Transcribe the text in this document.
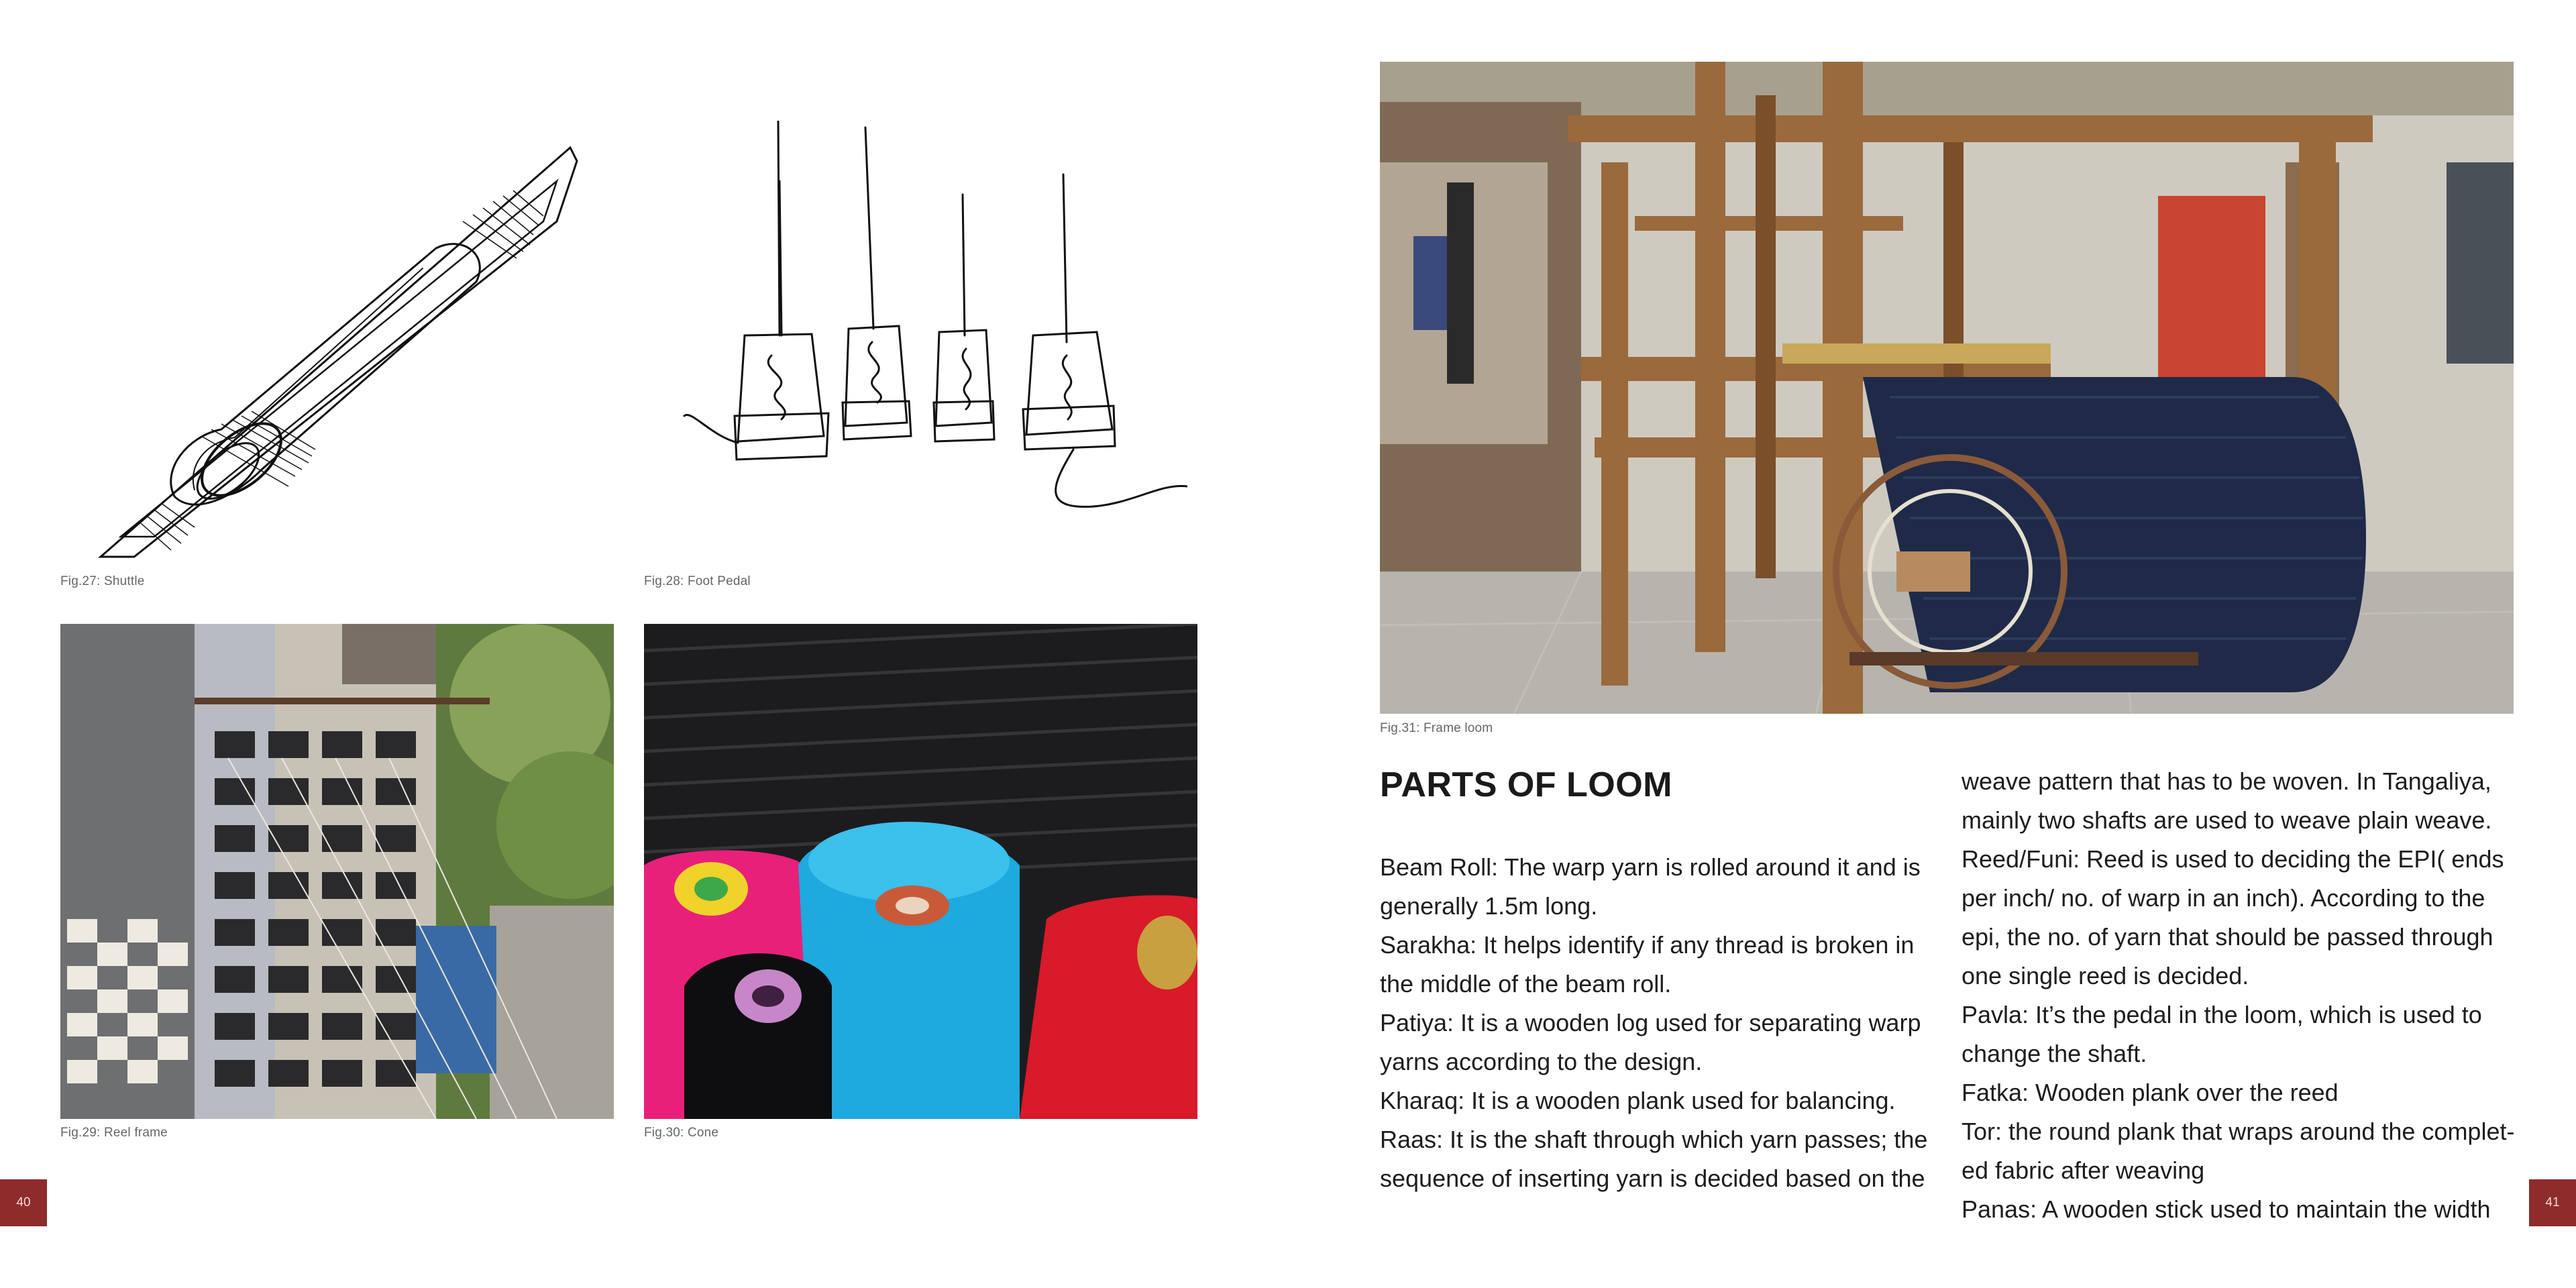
Fig.27: Shuttle	Fig.28: Foot Pedal
Fig.29: Reel frame	Fig.30: Cone
Fig.31: Frame loom
PARTS OF LOOM

Beam Roll: The warp yarn is rolled around it and is generally 1.5m long.

Sarakha: It helps identify if any thread is broken in the middle of the beam roll.

Patiya: It is a wooden log used for separating warp yarns according to the design.

Kharaq: It is a wooden plank used for balancing.

Raas: It is the shaft through which yarn passes; the sequence of inserting yarn is decided based on the

weave pattern that has to be woven. In Tangaliya, mainly two shafts are used to weave plain weave.

Reed/Funi: Reed is used to deciding the EPI( ends per inch/ no. of warp in an inch). According to the epi, the no. of yarn that should be passed through one single reed is decided.

Pavla: It’s the pedal in the loom, which is used to change the shaft.

Fatka: Wooden plank over the reed

Tor: the round plank that wraps around the complet-ed fabric after weaving

Panas: A wooden stick used to maintain the width

40	41
